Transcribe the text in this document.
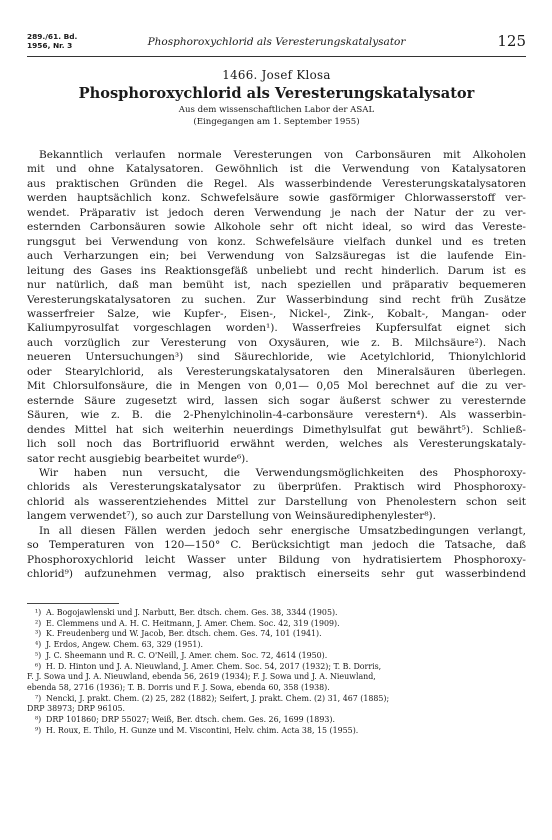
289./61. Bd.
1956, Nr. 3	Phosphoroxychlorid als Veresterungskatalysator	125
1466. Josef Klosa
Phosphoroxychlorid als Veresterungskatalysator
Aus dem wissenschaftlichen Labor der ASAL
(Eingegangen am 1. September 1955)
Bekanntlich verlaufen normale Veresterungen von Carbonsäuren mit Alkoholen
mit und ohne Katalysatoren. Gewöhnlich ist die Verwendung von Katalysatoren
aus praktischen Gründen die Regel. Als wasserbindende Veresterungskatalysatoren
werden hauptsächlich konz. Schwefelsäure sowie gasförmiger Chlorwasserstoff ver-
wendet. Präparativ ist jedoch deren Verwendung je nach der Natur der zu ver-
esternden Carbonsäuren sowie Alkohole sehr oft nicht ideal, so wird das Vereste-
rungsgut bei Verwendung von konz. Schwefelsäure vielfach dunkel und es treten
auch Verharzungen ein; bei Verwendung von Salzsäuregas ist die laufende Ein-
leitung des Gases ins Reaktionsgefäß unbeliebt und recht hinderlich. Darum ist es
nur natürlich, daß man bemüht ist, nach speziellen und präparativ bequemeren
Veresterungskatalysatoren zu suchen. Zur Wasserbindung sind recht früh Zusätze
wasserfreier Salze, wie Kupfer-, Eisen-, Nickel-, Zink-, Kobalt-, Mangan- oder
Kaliumpyrosulfat vorgeschlagen worden¹). Wasserfreies Kupfersulfat eignet sich
auch vorzüglich zur Veresterung von Oxysäuren, wie z. B. Milchsäure²). Nach
neueren Untersuchungen³) sind Säurechloride, wie Acetylchlorid, Thionylchlorid
oder Stearylchlorid, als Veresterungskatalysatoren den Mineralsäuren überlegen.
Mit Chlorsulfonsäure, die in Mengen von 0,01— 0,05 Mol berechnet auf die zu ver-
esternde Säure zugesetzt wird, lassen sich sogar äußerst schwer zu veresternde
Säuren, wie z. B. die 2-Phenylchinolin-4-carbonsäure verestern⁴). Als wasserbin-
dendes Mittel hat sich weiterhin neuerdings Dimethylsulfat gut bewährt⁵). Schließ-
lich soll noch das Bortrifluorid erwähnt werden, welches als Veresterungskataly-
sator recht ausgiebig bearbeitet wurde⁶).
Wir haben nun versucht, die Verwendungsmöglichkeiten des Phosphoroxy-
chlorids als Veresterungskatalysator zu überprüfen. Praktisch wird Phosphoroxy-
chlorid als wasserentziehendes Mittel zur Darstellung von Phenolestern schon seit
langem verwendet⁷), so auch zur Darstellung von Weinsäurediphenylester⁸).
In all diesen Fällen werden jedoch sehr energische Umsatzbedingungen verlangt,
so Temperaturen von 120—150° C. Berücksichtigt man jedoch die Tatsache, daß
Phosphoroxychlorid leicht Wasser unter Bildung von hydratisiertem Phosphoroxy-
chlorid⁹) aufzunehmen vermag, also praktisch einerseits sehr gut wasserbindend
¹) A. Bogojawlenski und J. Narbutt, Ber. dtsch. chem. Ges. 38, 3344 (1905).
²) E. Clemmens und A. H. C. Heitmann, J. Amer. Chem. Soc. 42, 319 (1909).
³) K. Freudenberg und W. Jacob, Ber. dtsch. chem. Ges. 74, 101 (1941).
⁴) J. Erdos, Angew. Chem. 63, 329 (1951).
⁵) J. C. Sheemann und R. C. O'Neill, J. Amer. chem. Soc. 72, 4614 (1950).
⁶) H. D. Hinton und J. A. Nieuwland, J. Amer. Chem. Soc. 54, 2017 (1932); T. B. Dorris,
F. J. Sowa und J. A. Nieuwland, ebenda 56, 2619 (1934); F. J. Sowa und J. A. Nieuwland,
ebenda 58, 2716 (1936); T. B. Dorris und F. J. Sowa, ebenda 60, 358 (1938).
⁷) Nencki, J. prakt. Chem. (2) 25, 282 (1882); Seifert, J. prakt. Chem. (2) 31, 467 (1885);
DRP 38973; DRP 96105.
⁸) DRP 101860; DRP 55027; Weiß, Ber. dtsch. chem. Ges. 26, 1699 (1893).
⁹) H. Roux, E. Thilo, H. Gunze und M. Viscontini, Helv. chim. Acta 38, 15 (1955).
